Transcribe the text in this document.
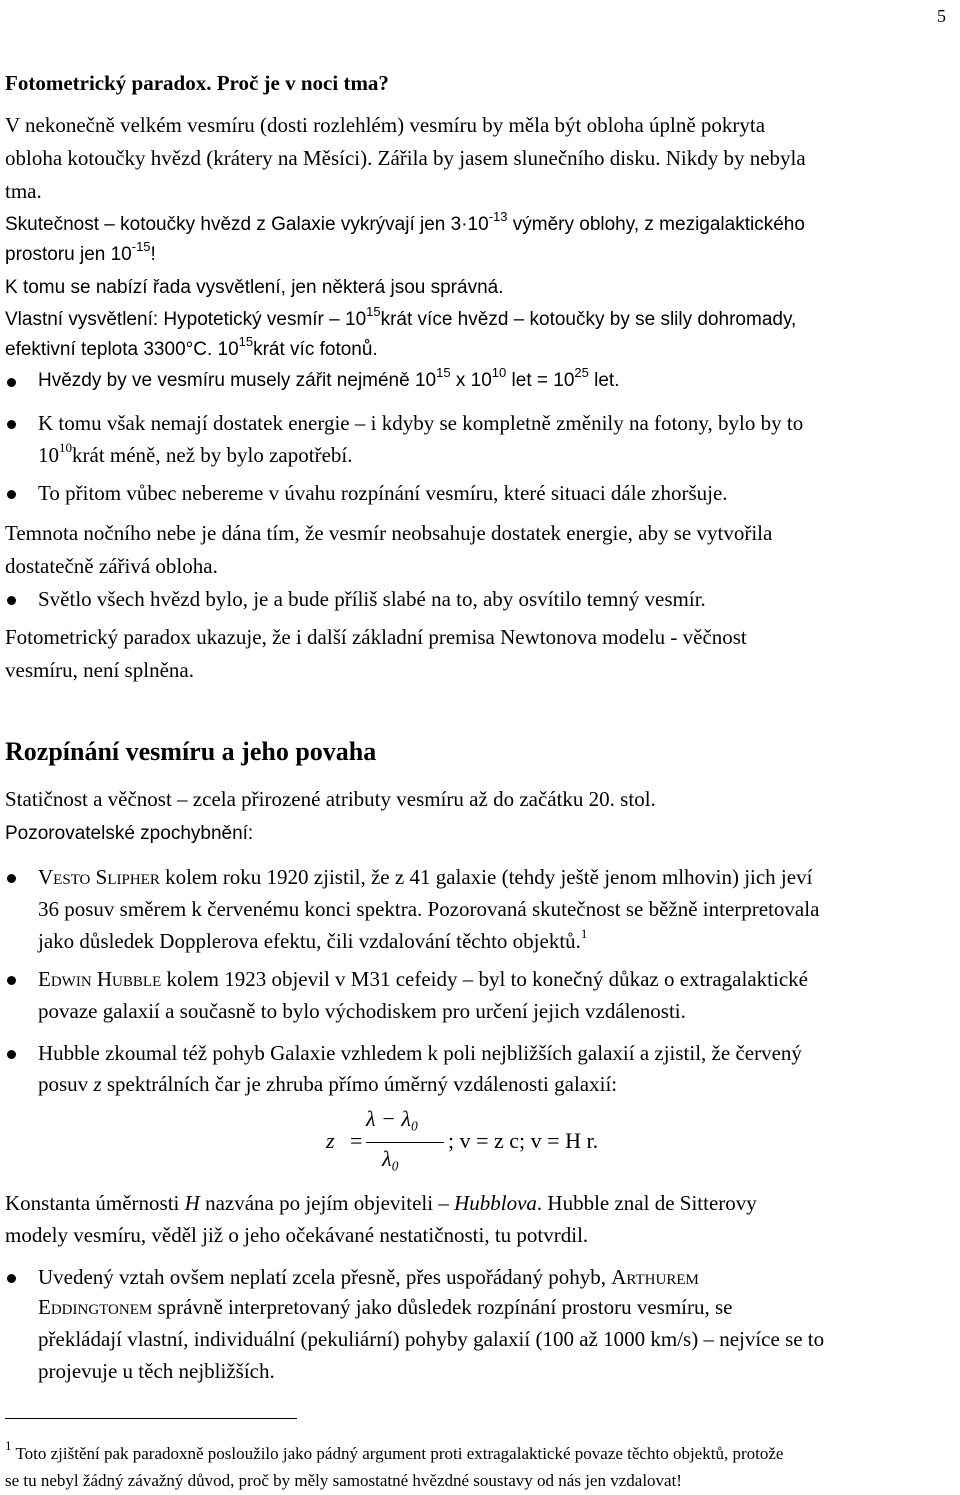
5
Fotometrický paradox. Proč je v noci tma?
V nekonečně velkém vesmíru (dosti rozlehlém) vesmíru by měla být obloha úplně pokryta
obloha kotoučky hvězd (krátery na Měsíci). Zářila by jasem slunečního disku. Nikdy by nebyla
tma.
Skutečnost – kotoučky hvězd z Galaxie vykrývají jen $3\cdot 10^{-13}$ výměry oblohy, z mezigalaktického
prostoru jen $10^{-15}$!
K tomu se nabízí řada vysvětlení, jen některá jsou správná.
Vlastní vysvětlení: Hypotetický vesmír – $10^{15}krát$ více hvězd – kotoučky by se slily dohromady,
efektivní teplota 3300°C. $10^{15}krát$ víc fotonů.
Hvězdy by ve vesmíru musely zářit nejméně $10^{15}$ x $10^{10}$ let = $10^{25}$ let.
K tomu však nemají dostatek energie – i kdyby se kompletně změnily na fotony, bylo by to
$10^{10}krát$ méně, než by bylo zapotřebí.
To přitom vůbec nebereme v úvahu rozpínání vesmíru, které situaci dále zhoršuje.
Temnota nočního nebe je dána tím, že vesmír neobsahuje dostatek energie, aby se vytvořila
dostatečně zářivá obloha.
Světlo všech hvězd bylo, je a bude příliš slabé na to, aby osvítilo temný vesmír.
Fotometrický paradox ukazuje, že i další základní premisa Newtonova modelu - věčnost
vesmíru, není splněna.
Rozpínání vesmíru a jeho povaha
Statičnost a věčnost – zcela přirozené atributy vesmíru až do začátku 20. stol.
Pozorovatelské zpochybnění:
Vesto Slipher kolem roku 1920 zjistil, že z 41 galaxie (tehdy ještě jenom mlhovin) jich jeví
36 posuv směrem k červenému konci spektra. Pozorovaná skutečnost se běžně interpretovala
jako důsledek Dopplerova efektu, čili vzdalování těchto objektů.$^1$
Edwin Hubble kolem 1923 objevil v M31 cefeidy – byl to konečný důkaz o extragalaktické
povaze galaxií a současně to bylo východiskem pro určení jejich vzdálenosti.
Hubble zkoumal též pohyb Galaxie vzhledem k poli nejbližších galaxií a zjistil, že červený
posuv z spektrálních čar je zhruba přímo úměrný vzdálenosti galaxií:
z =
λ − λ₀
λ₀
; v = z c; v = H r.
Konstanta úměrnosti H nazvána po jejím objeviteli – Hubblova. Hubble znal de Sitterovy
modely vesmíru, věděl již o jeho očekávané nestatičnosti, tu potvrdil.
Uvedený vztah ovšem neplatí zcela přesně, přes uspořádaný pohyb, Arthurem
Eddingtonem správně interpretovaný jako důsledek rozpínání prostoru vesmíru, se
překládají vlastní, individuální (pekuliární) pohyby galaxií (100 až 1000 km/s) – nejvíce se to
projevuje u těch nejbližších.
$^1$ Toto zjištění pak paradoxně posloužilo jako pádný argument proti extragalaktické povaze těchto objektů, protože
se tu nebyl žádný závažný důvod, proč by měly samostatné hvězdné soustavy od nás jen vzdalovat!
